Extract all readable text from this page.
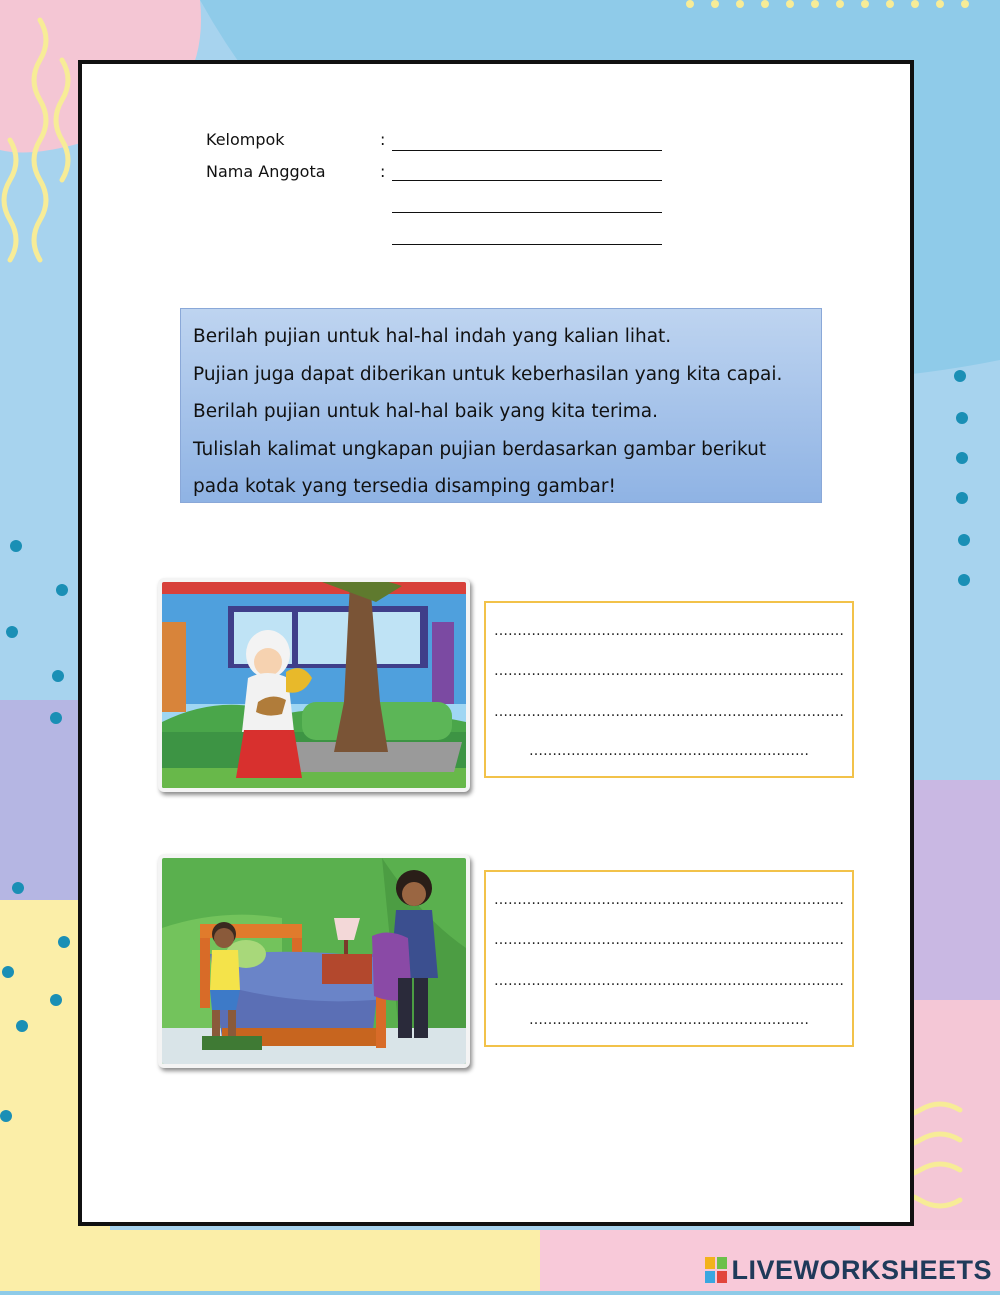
Kelompok	:
Nama Anggota	:

Berilah pujian untuk hal-hal indah yang kalian lihat.

Pujian juga dapat diberikan untuk keberhasilan yang kita capai.

Berilah pujian untuk hal-hal baik yang kita terima.

Tulislah kalimat ungkapan pujian berdasarkan gambar berikut

pada kotak yang tersedia disamping gambar!

…………………………………………………………………
…………………………………………………………………
…………………………………………………………………
……………………………………………………
…………………………………………………………………
…………………………………………………………………
…………………………………………………………………
……………………………………………………
LIVEWORKSHEETS
